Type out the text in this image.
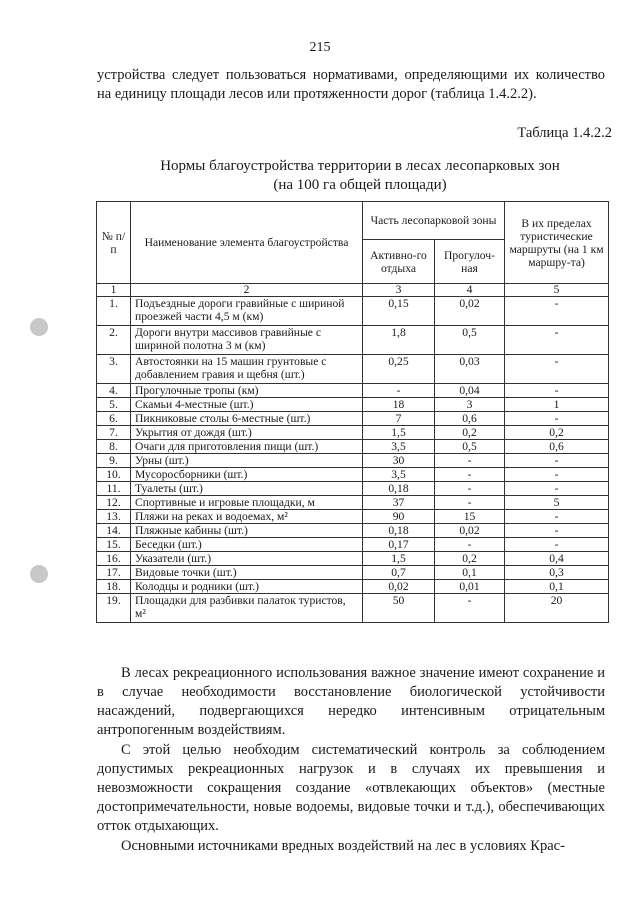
215
устройства следует пользоваться нормативами, определяющими их количество
на единицу площади лесов или протяженности дорог (таблица 1.4.2.2).
Таблица 1.4.2.2
Нормы благоустройства территории в лесах лесопарковых зон
(на 100 га общей площади)
№ п/п	Наименование элемента благоустройства	Часть лесопарковой зоны		В их пределах туристические маршруты (на 1 км маршру-та)
		Активно-го отдыха	Прогулоч-ная	
1	2	3	4	5
1.	Подъездные дороги гравийные с шириной проезжей части 4,5 м (км)	0,15	0,02	-
2.	Дороги внутри массивов гравийные с шириной полотна 3 м (км)	1,8	0,5	-
3.	Автостоянки на 15 машин грунтовые с добавлением гравия и щебня (шт.)	0,25	0,03	-
4.	Прогулочные тропы (км)	-	0,04	-
5.	Скамьи 4-местные (шт.)	18	3	1
6.	Пикниковые столы 6-местные (шт.)	7	0,6	-
7.	Укрытия от дождя (шт.)	1,5	0,2	0,2
8.	Очаги для приготовления пищи (шт.)	3,5	0,5	0,6
9.	Урны (шт.)	30	-	-
10.	Мусоросборники (шт.)	3,5	-	-
11.	Туалеты (шт.)	0,18	-	-
12.	Спортивные и игровые площадки, м	37	-	5
13.	Пляжи на реках и водоемах, м²	90	15	-
14.	Пляжные кабины (шт.)	0,18	0,02	-
15.	Беседки (шт.)	0,17	-	-
16.	Указатели (шт.)	1,5	0,2	0,4
17.	Видовые точки (шт.)	0,7	0,1	0,3
18.	Колодцы и родники (шт.)	0,02	0,01	0,1
19.	Площадки для разбивки палаток туристов, м²	50	-	20
В лесах рекреационного использования важное значение имеют сохранение и в случае необходимости восстановление биологической устойчивости насаждений, подвергающихся нередко интенсивным отрицательным антропогенным воздействиям.
С этой целью необходим систематический контроль за соблюдением допустимых рекреационных нагрузок и в случаях их превышения и невозможности сокращения создание «отвлекающих объектов» (местные достопримечательности, новые водоемы, видовые точки и т.д.), обеспечивающих отток отдыхающих.
Основными источниками вредных воздействий на лес в условиях Крас-
